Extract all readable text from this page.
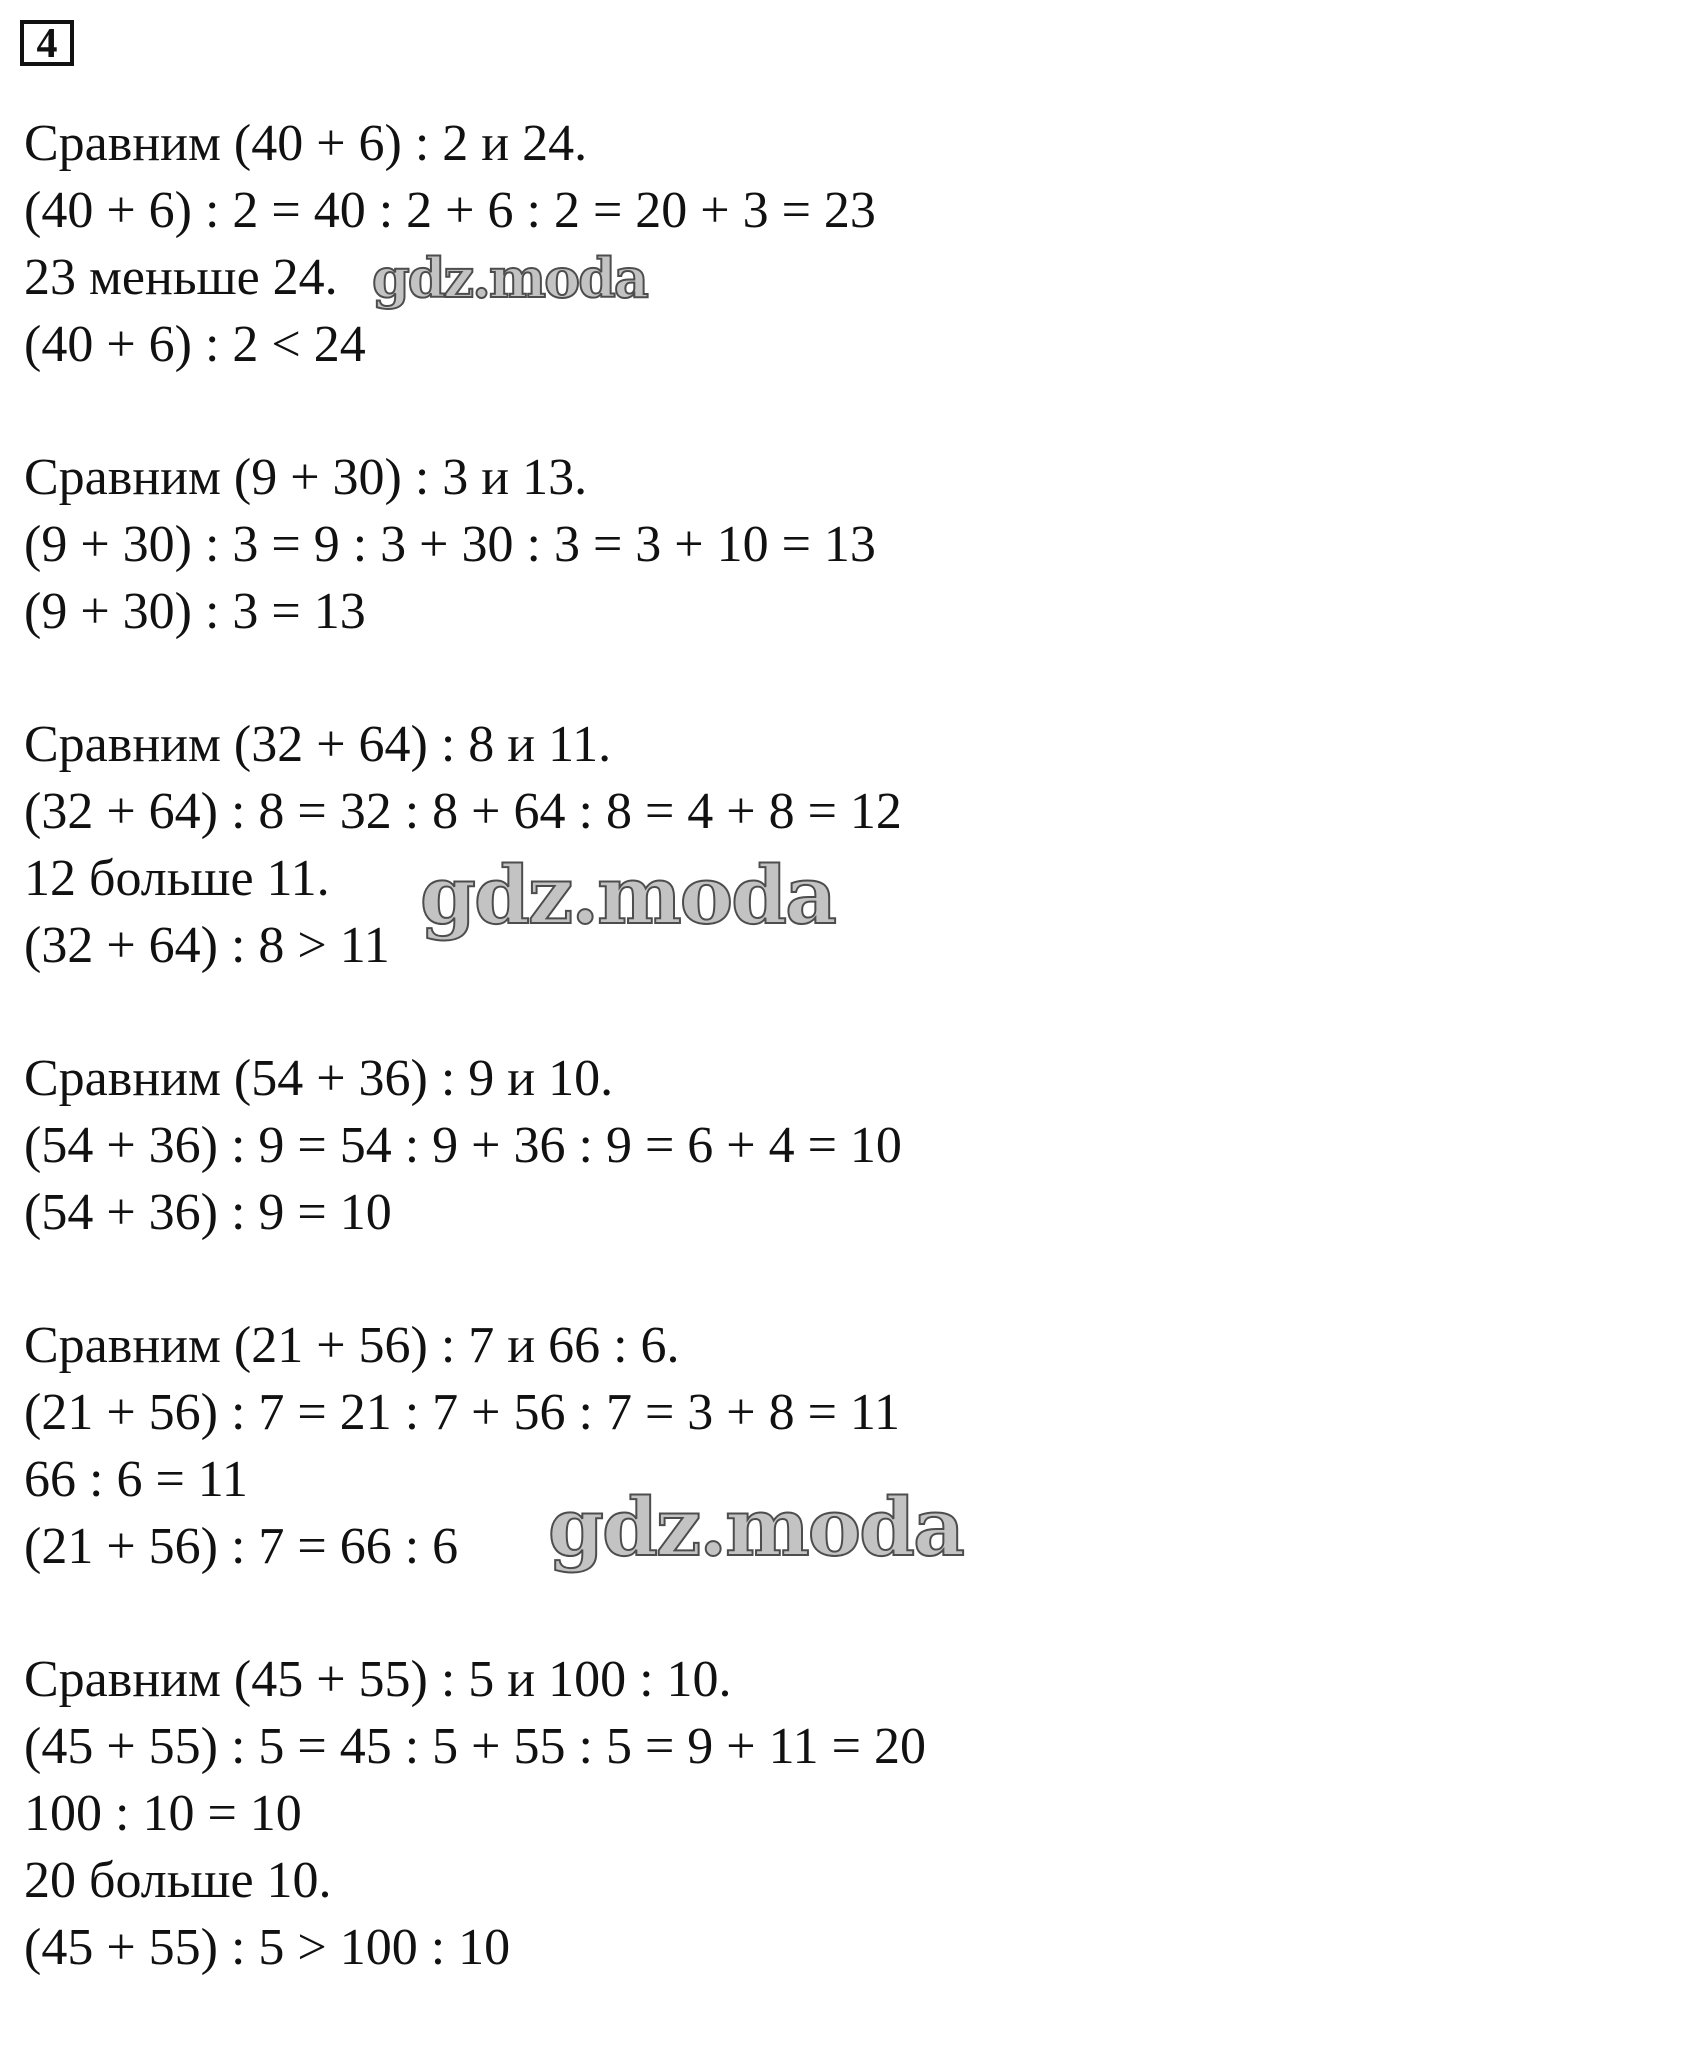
4
Сравним (40 + 6) : 2 и 24.
(40 + 6) : 2 = 40 : 2 + 6 : 2 = 20 + 3 = 23
23 меньше 24.
(40 + 6) : 2 < 24
Сравним (9 + 30) : 3 и 13.
(9 + 30) : 3 = 9 : 3 + 30 : 3 = 3 + 10 = 13
(9 + 30) : 3 = 13
Сравним (32 + 64) : 8 и 11.
(32 + 64) : 8 = 32 : 8 + 64 : 8 = 4 + 8 = 12
12 больше 11.
(32 + 64) : 8 > 11
Сравним (54 + 36) : 9 и 10.
(54 + 36) : 9 = 54 : 9 + 36 : 9 = 6 + 4 = 10
(54 + 36) : 9 = 10
Сравним (21 + 56) : 7 и 66 : 6.
(21 + 56) : 7 = 21 : 7 + 56 : 7 = 3 + 8 = 11
66 : 6 = 11
(21 + 56) : 7 = 66 : 6
Сравним (45 + 55) : 5 и 100 : 10.
(45 + 55) : 5 = 45 : 5 + 55 : 5 = 9 + 11 = 20
100 : 10 = 10
20 больше 10.
(45 + 55) : 5 > 100 : 10
gdz.moda
gdz.moda
gdz.moda
